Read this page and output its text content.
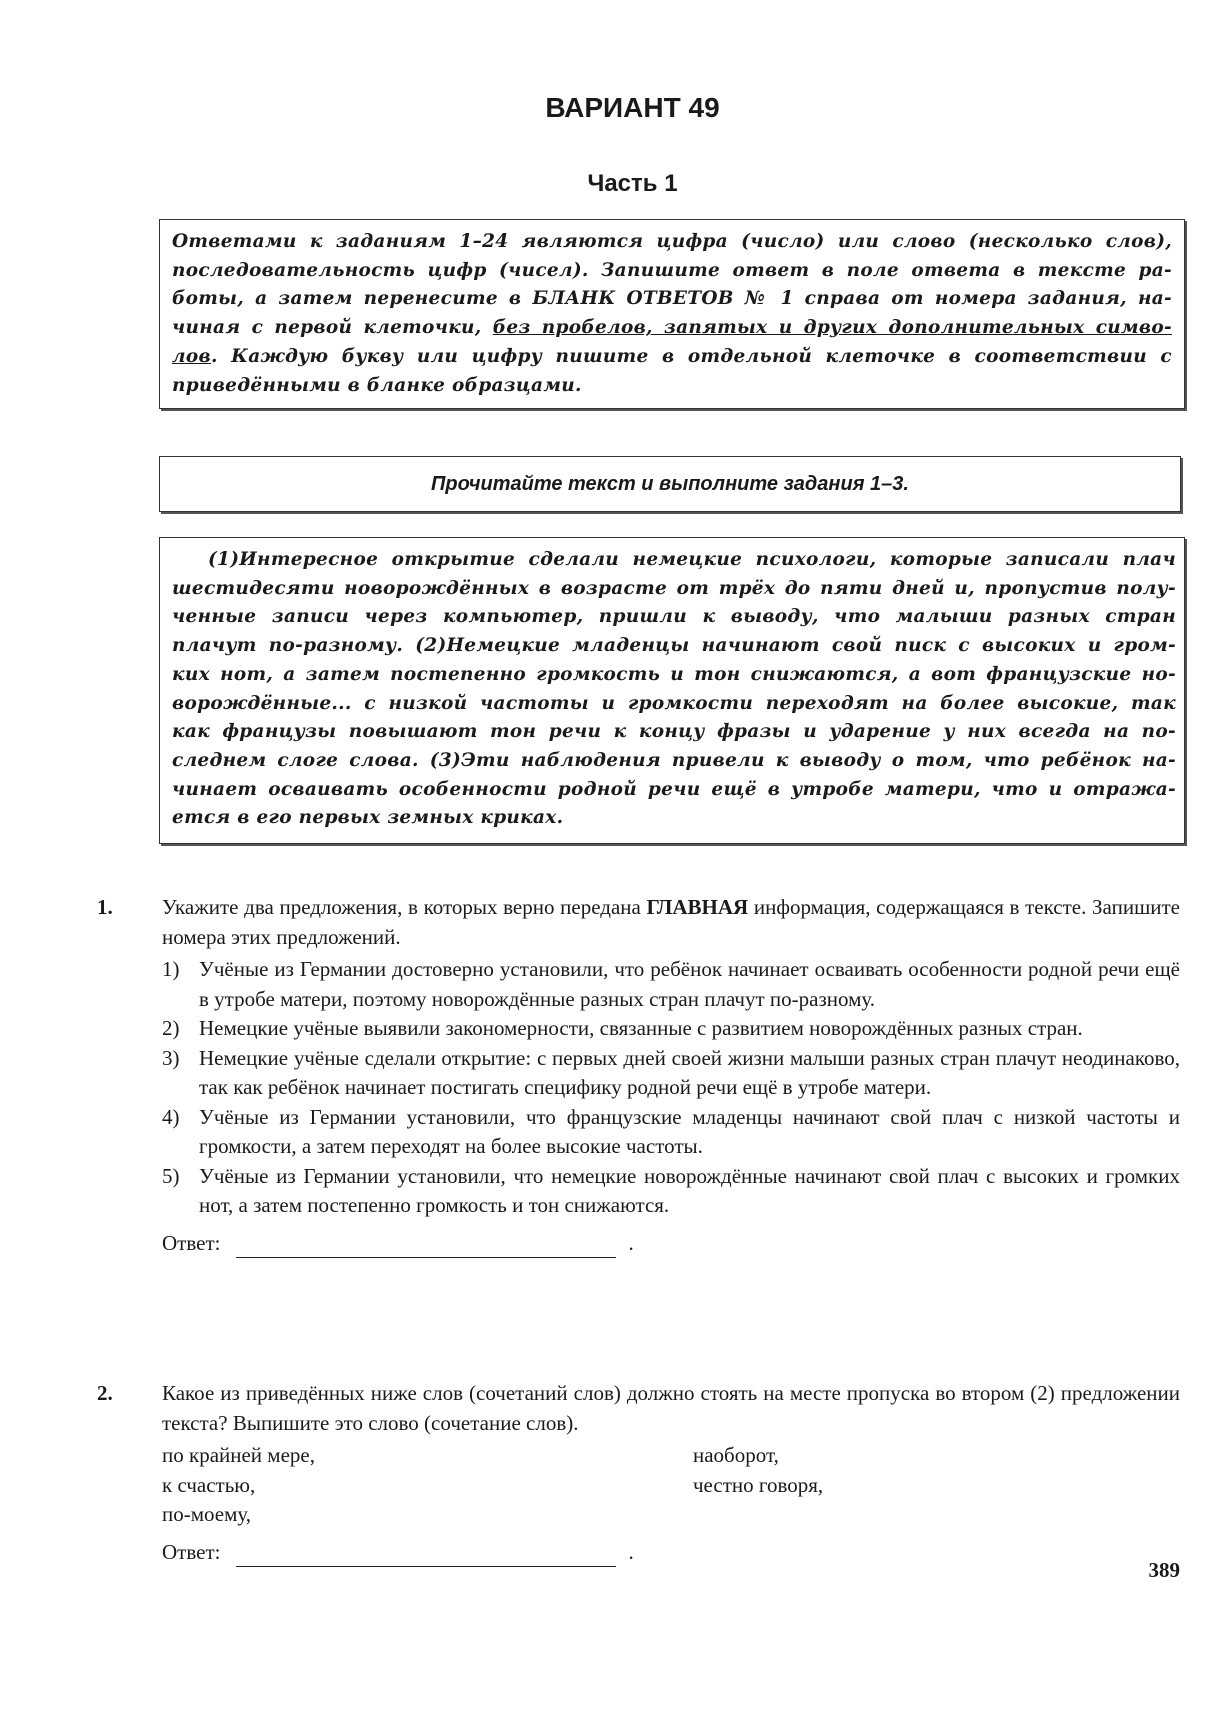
ВАРИАНТ 49
Часть 1
Ответами к заданиям 1–24 являются цифра (число) или слово (несколько слов),
последовательность цифр (чисел). Запишите ответ в поле ответа в тексте ра-
боты, а затем перенесите в БЛАНК ОТВЕТОВ № 1 справа от номера задания, на-
чиная с первой клеточки, без пробелов, запятых и других дополнительных симво-
лов. Каждую букву или цифру пишите в отдельной клеточке в соответствии с
приведёнными в бланке образцами.
Прочитайте текст и выполните задания 1–3.
(1)Интересное открытие сделали немецкие психологи, которые записали плач
шестидесяти новорождённых в возрасте от трёх до пяти дней и, пропустив полу-
ченные записи через компьютер, пришли к выводу, что малыши разных стран
плачут по-разному. (2)Немецкие младенцы начинают свой писк с высоких и гром-
ких нот, а затем постепенно громкость и тон снижаются, а вот французские но-
ворождённые... с низкой частоты и громкости переходят на более высокие, так
как французы повышают тон речи к концу фразы и ударение у них всегда на по-
следнем слоге слова. (3)Эти наблюдения привели к выводу о том, что ребёнок на-
чинает осваивать особенности родной речи ещё в утробе матери, что и отража-
ется в его первых земных криках.
1. Укажите два предложения, в которых верно передана ГЛАВНАЯ информация, содержащаяся в тексте. Запишите номера этих предложений.
1) Учёные из Германии достоверно установили, что ребёнок начинает осваивать особенности родной речи ещё в утробе матери, поэтому новорождённые разных стран плачут по-разному.
2) Немецкие учёные выявили закономерности, связанные с развитием новорождённых разных стран.
3) Немецкие учёные сделали открытие: с первых дней своей жизни малыши разных стран плачут неодинаково, так как ребёнок начинает постигать специфику родной речи ещё в утробе матери.
4) Учёные из Германии установили, что французские младенцы начинают свой плач с низкой частоты и громкости, а затем переходят на более высокие частоты.
5) Учёные из Германии установили, что немецкие новорождённые начинают свой плач с высоких и громких нот, а затем постепенно громкость и тон снижаются.
Ответ:	.
2. Какое из приведённых ниже слов (сочетаний слов) должно стоять на месте пропуска во втором (2) предложении текста? Выпишите это слово (сочетание слов).
по крайней мере,	наоборот,
к счастью,	честно говоря,
по-моему,
Ответ:	.
389
